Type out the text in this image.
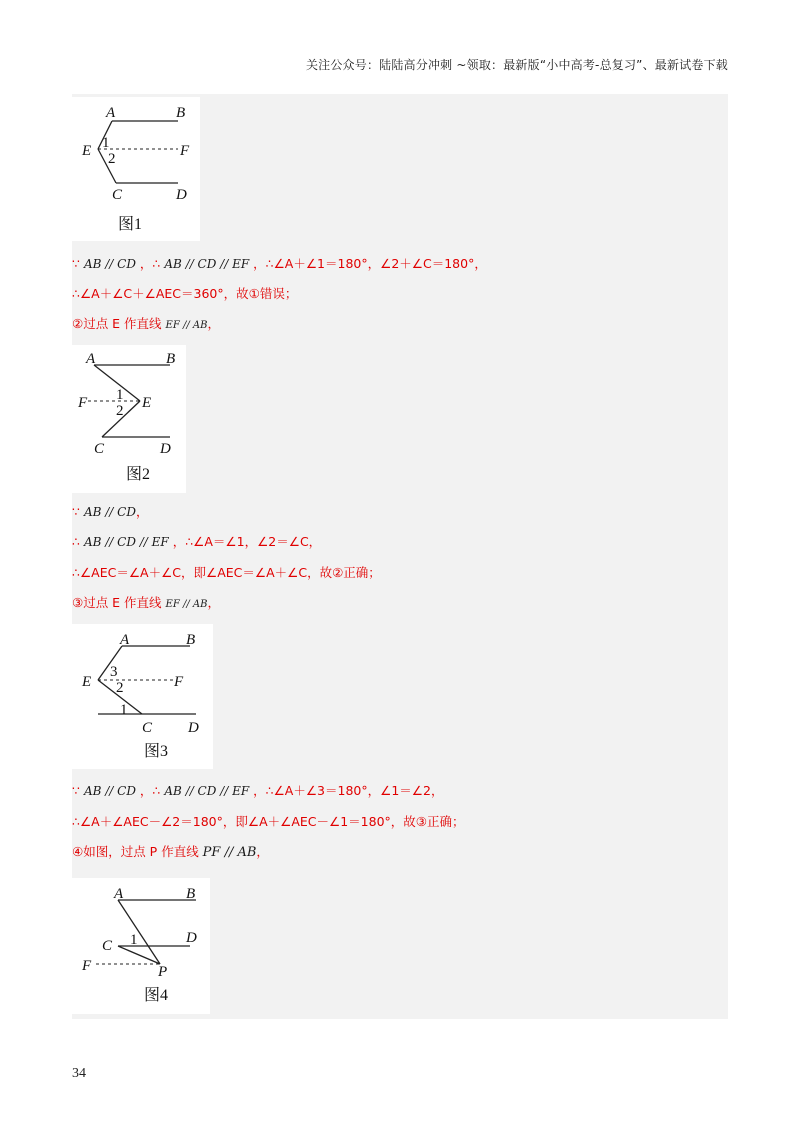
关注公众号：陆陆高分冲刺 ~领取：最新版“小中高考-总复习”、最新试卷下载
A	B
E	F
C	D
1
2
图1
∵ AB // CD ，∴ AB // CD // EF ，∴∠A＋∠1＝180°，∠2＋∠C＝180°，
∴∠A＋∠C＋∠AEC＝360°，故①错误；
②过点 E 作直线 EF // AB，
A	B
F	E
C	D
1
2
图2
∵ AB // CD，
∴ AB // CD // EF ，∴∠A＝∠1，∠2＝∠C，
∴∠AEC＝∠A＋∠C，即∠AEC＝∠A＋∠C，故②正确；
③过点 E 作直线 EF // AB，
A	B
E	F
C D
3
2
1
图3
∵ AB // CD ，∴ AB // CD // EF ，∴∠A＋∠3＝180°，∠1＝∠2，
∴∠A＋∠AEC－∠2＝180°，即∠A＋∠AEC－∠1＝180°，故③正确；
④如图，过点 P 作直线 PF // AB，
A	B
C	D
F	P
1
图4
34
